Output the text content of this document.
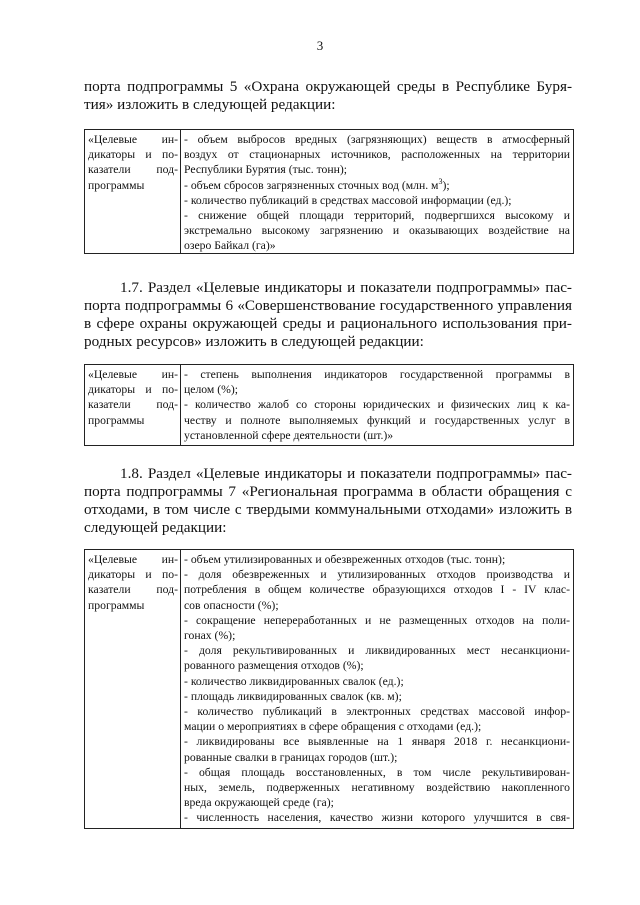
3
порта подпрограммы 5 «Охрана окружающей среды в Республике Буря-
тия» изложить в следующей редакции:
«Целевые ин-
дикаторы и по-
казатели под-
программы
- объем выбросов вредных (загрязняющих) веществ в атмосферный
воздух от стационарных источников, расположенных на территории
Республики Бурятия (тыс. тонн);
- объем сбросов загрязненных сточных вод (млн. $м^3$);
- количество публикаций в средствах массовой информации (ед.);
- снижение общей площади территорий, подвергшихся высокому и
экстремально высокому загрязнению и оказывающих воздействие на
озеро Байкал (га)»
1.7. Раздел «Целевые индикаторы и показатели подпрограммы» пас-
порта подпрограммы 6 «Совершенствование государственного управления
в сфере охраны окружающей среды и рационального использования при-
родных ресурсов» изложить в следующей редакции:
«Целевые ин-
дикаторы и по-
казатели под-
программы
- степень выполнения индикаторов государственной программы в
целом (%);
- количество жалоб со стороны юридических и физических лиц к ка-
честву и полноте выполняемых функций и государственных услуг в
установленной сфере деятельности (шт.)»
1.8. Раздел «Целевые индикаторы и показатели подпрограммы» пас-
порта подпрограммы 7 «Региональная программа в области обращения с
отходами, в том числе с твердыми коммунальными отходами» изложить в
следующей редакции:
«Целевые ин-
дикаторы и по-
казатели под-
программы
- объем утилизированных и обезвреженных отходов (тыс. тонн);
- доля обезвреженных и утилизированных отходов производства и
потребления в общем количестве образующихся отходов I - IV клас-
сов опасности (%);
- сокращение непереработанных и не размещенных отходов на поли-
гонах (%);
- доля рекультивированных и ликвидированных мест несанкциони-
рованного размещения отходов (%);
- количество ликвидированных свалок (ед.);
- площадь ликвидированных свалок (кв. м);
- количество публикаций в электронных средствах массовой инфор-
мации о мероприятиях в сфере обращения с отходами (ед.);
- ликвидированы все выявленные на 1 января 2018 г. несанкциони-
рованные свалки в границах городов (шт.);
- общая площадь восстановленных, в том числе рекультивирован-
ных, земель, подверженных негативному воздействию накопленного
вреда окружающей среде (га);
- численность населения, качество жизни которого улучшится в свя-
